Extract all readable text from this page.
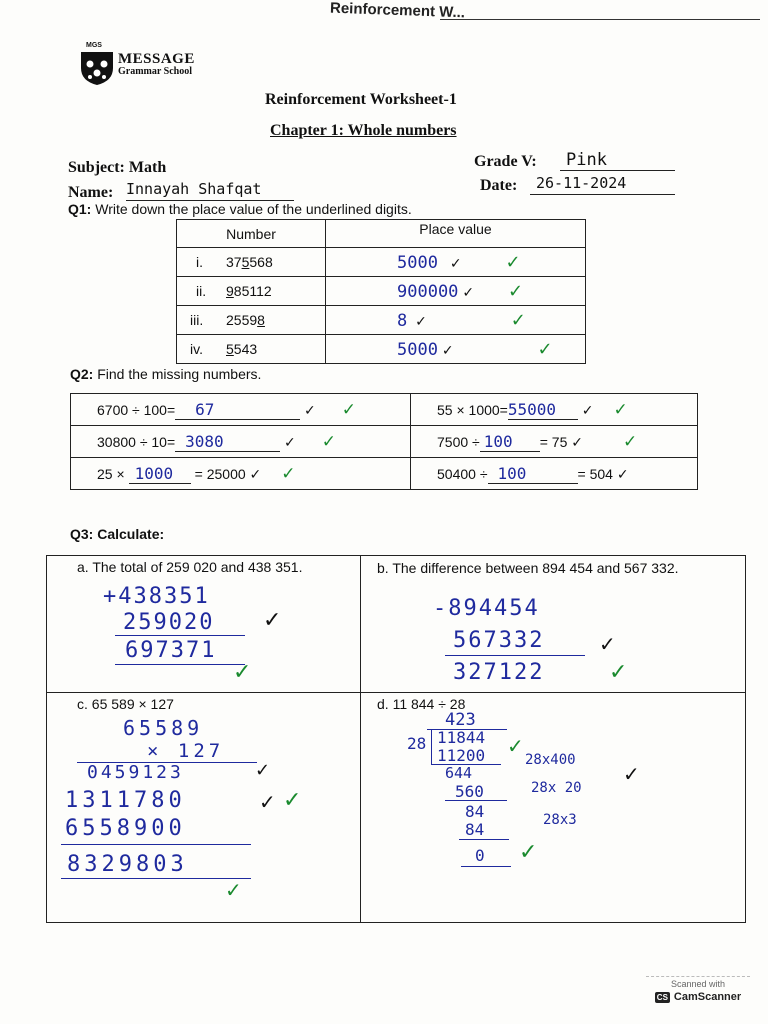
Reinforcement W...
MGS
MESSAGE
Grammar School
Reinforcement Worksheet-1
Chapter 1: Whole numbers
Subject: Math	Grade V:	Pink
Name: Innayah Shafqat	Date:	26-11-2024
Q1: Write down the place value of the underlined digits.
Number	Place value
i. 375568	5000 ✓ ✓
ii. 985112	900000 ✓ ✓
iii. 25598	8 ✓ ✓
iv. 5543	5000 ✓ ✓
Q2: Find the missing numbers.
6700 ÷ 100= 67 ✓ ✓	55 × 1000=55000 ✓ ✓
30800 ÷ 10= 3080 ✓ ✓	7500 ÷ 100 = 75 ✓ ✓
25 × 1000 = 25000 ✓ ✓	50400 ÷ 100 = 504 ✓
Q3: Calculate:
a. The total of 259 020 and 438 351.
+438351
259020
697371
✓
✓
b. The difference between 894 454 and 567 332.
-894454
567332
327122
✓
✓
c. 65 589 × 127
65589
× 127
0459123
1311780
6558900
8329803
✓
✓ ✓
✓
d. 11 844 ÷ 28
423
28 11844
11200
644
560
84
84
0
28x400
28x 20
28x3
✓
✓
✓
Scanned with
CS CamScanner
